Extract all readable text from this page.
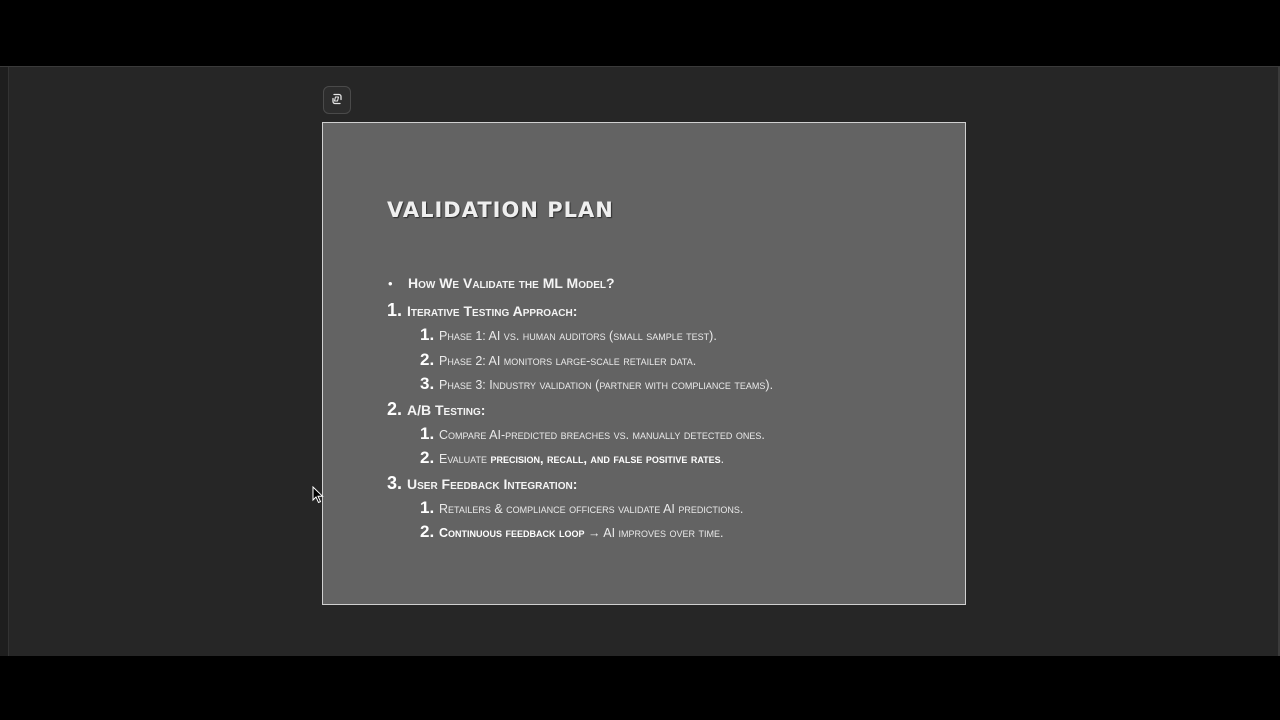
VALIDATION PLAN
•	How We Validate the ML Model?
1. Iterative Testing Approach:
1. Phase 1: AI vs. human auditors (small sample test).
2. Phase 2: AI monitors large-scale retailer data.
3. Phase 3: Industry validation (partner with compliance teams).
2. A/B Testing:
1. Compare AI-predicted breaches vs. manually detected ones.
2. Evaluate precision, recall, and false positive rates.
3. User Feedback Integration:
1. Retailers & compliance officers validate AI predictions.
2. Continuous feedback loop → AI improves over time.
